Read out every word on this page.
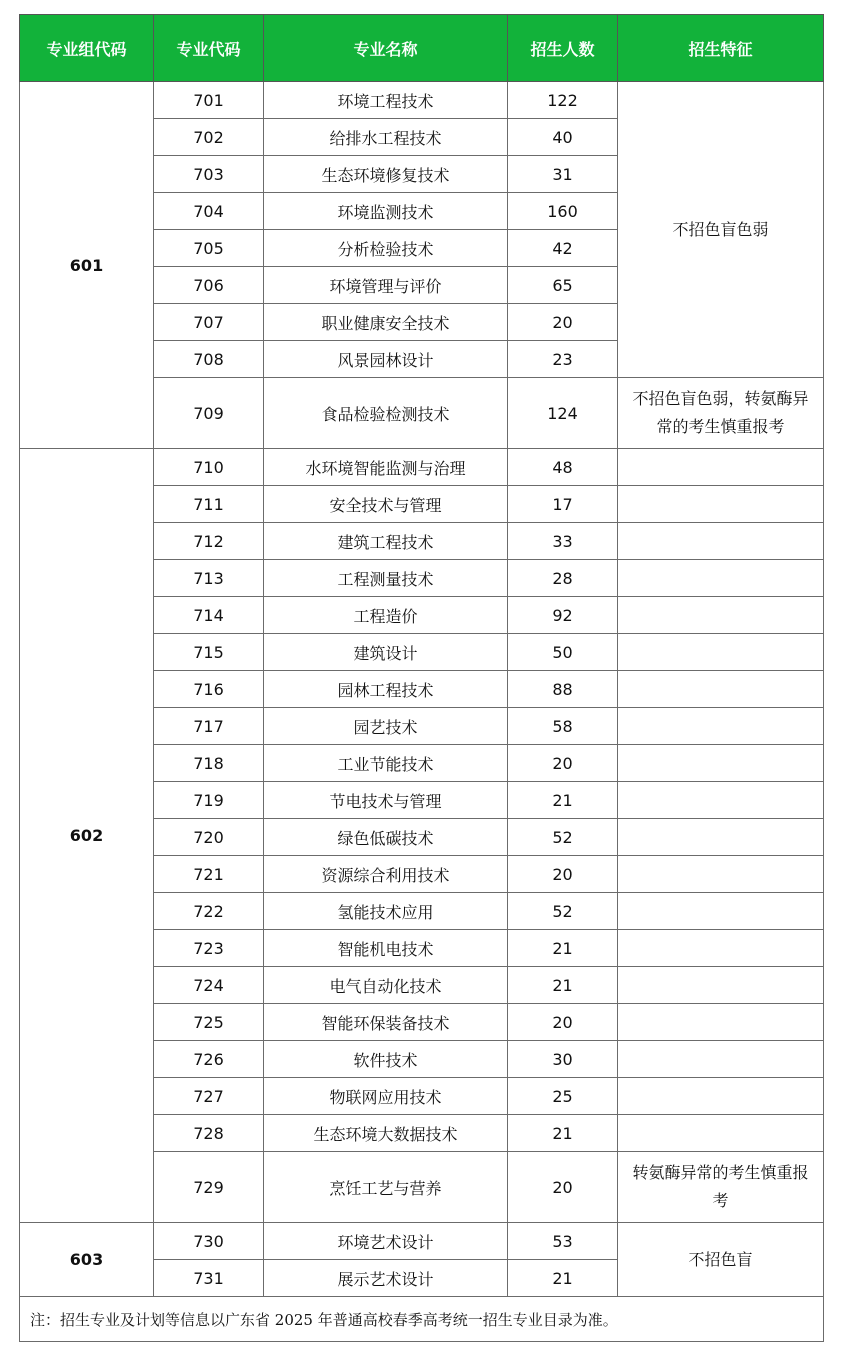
专业组代码	专业代码	专业名称	招生人数	招生特征
601	701	环境工程技术	122	不招色盲色弱
	702	给排水工程技术	40	
	703	生态环境修复技术	31	
	704	环境监测技术	160	
	705	分析检验技术	42	
	706	环境管理与评价	65	
	707	职业健康安全技术	20	
	708	风景园林设计	23	
	709	食品检验检测技术	124	不招色盲色弱，转氨酶异常的考生慎重报考
602	710	水环境智能监测与治理	48	
	711	安全技术与管理	17	
	712	建筑工程技术	33	
	713	工程测量技术	28	
	714	工程造价	92	
	715	建筑设计	50	
	716	园林工程技术	88	
	717	园艺技术	58	
	718	工业节能技术	20	
	719	节电技术与管理	21	
	720	绿色低碳技术	52	
	721	资源综合利用技术	20	
	722	氢能技术应用	52	
	723	智能机电技术	21	
	724	电气自动化技术	21	
	725	智能环保装备技术	20	
	726	软件技术	30	
	727	物联网应用技术	25	
	728	生态环境大数据技术	21	
	729	烹饪工艺与营养	20	转氨酶异常的考生慎重报考
603	730	环境艺术设计	53	不招色盲
	731	展示艺术设计	21	
注：招生专业及计划等信息以广东省 2025 年普通高校春季高考统一招生专业目录为准。				
